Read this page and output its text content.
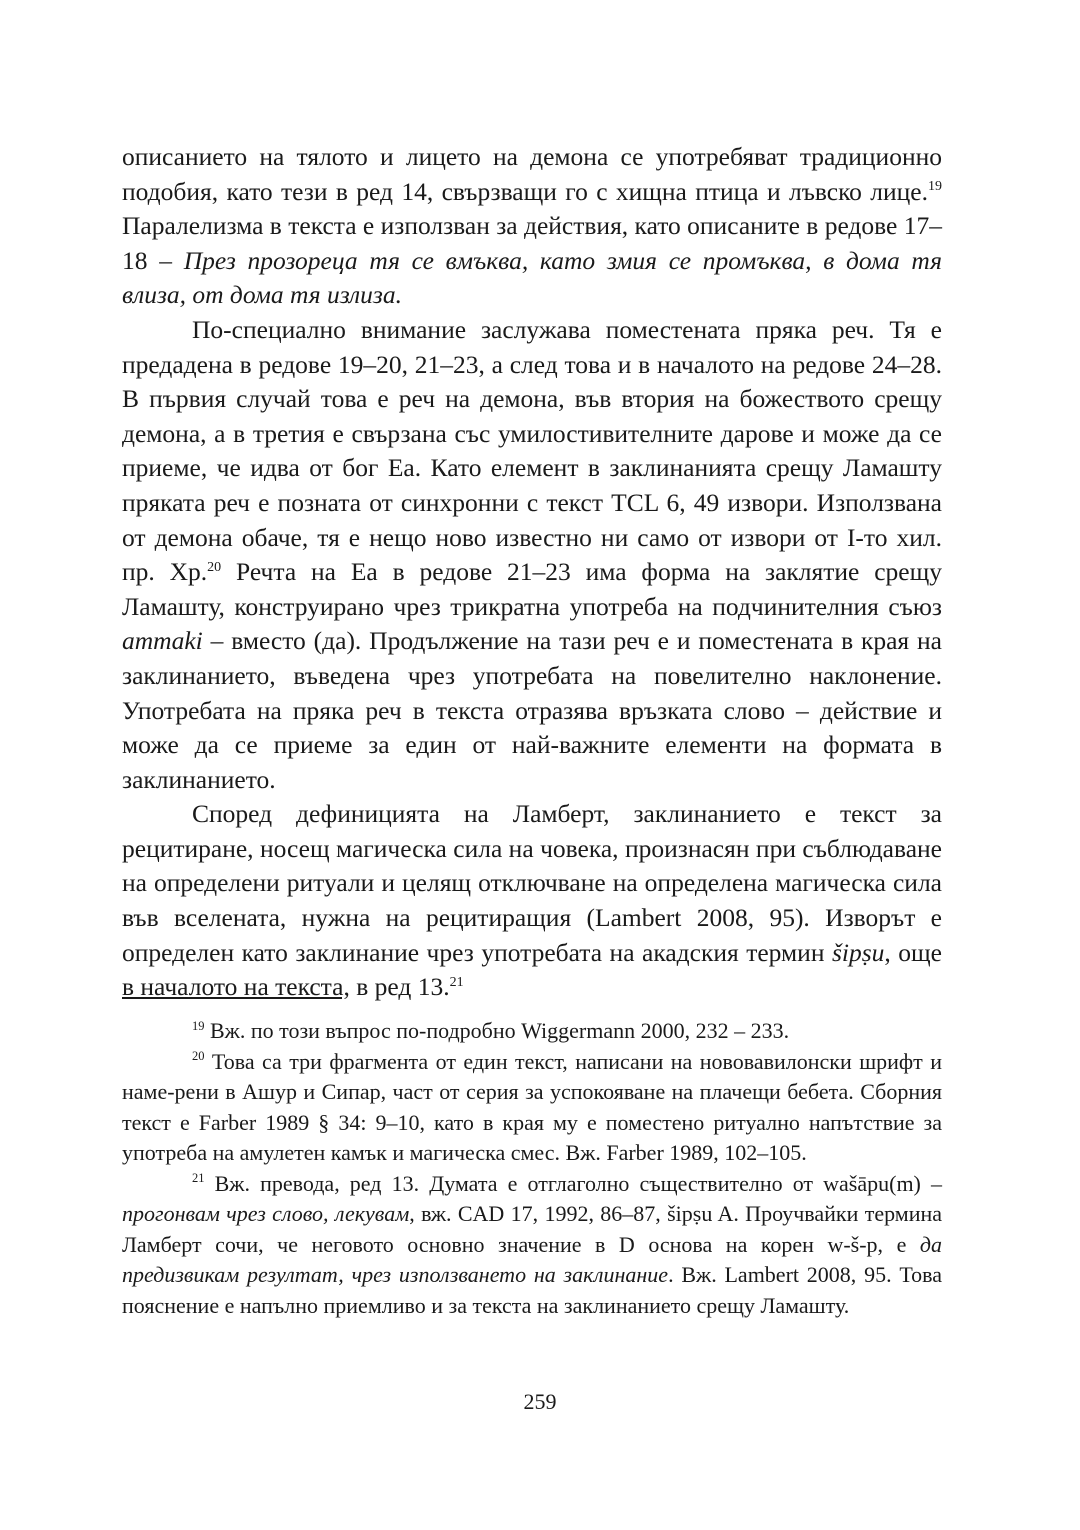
описанието на тялото и лицето на демона се употребяват традиционно подобия, като тези в ред 14, свързващи го с хищна птица и лъвско лице.$^{19}$ Паралелизма в текста е използван за действия, като описаните в редове 17–18 – През прозореца тя се вмъква, като змия се промъква, в дома тя влиза, от дома тя излиза.

По-специално внимание заслужава поместената пряка реч. Тя е предадена в редове 19–20, 21–23, а след това и в началото на редове 24–28. В първия случай това е реч на демона, във втория на божеството срещу демона, а в третия е свързана със умилостивителните дарове и може да се приеме, че идва от бог Еа. Като елемент в заклинанията срещу Ламашту пряката реч е позната от синхронни с текст TCL 6, 49 извори. Използвана от демона обаче, тя е нещо ново известно ни само от извори от I-то хил. пр. Хр.$^{20}$ Речта на Еа в редове 21–23 има форма на заклятие срещу Ламашту, конструирано чрез трикратна употреба на подчинителния съюз ammaki – вместо (да). Продължение на тази реч е и поместената в края на заклинанието, въведена чрез употребата на повелително наклонение. Употребата на пряка реч в текста отразява връзката слово – действие и може да се приеме за един от най-важните елементи на формата в заклинанието.

Според дефиницията на Ламберт, заклинанието е текст за рецитиране, носещ магическа сила на човека, произнасян при съблюдаване на определени ритуали и целящ отключване на определена магическа сила във вселената, нужна на рецитиращия (Lambert 2008, 95). Изворът е определен като заклинание чрез употребата на акадския термин šipṣu, още в началото на текста, в ред 13.21

$^{19}$ Вж. по този въпрос по-подробно Wiggermann 2000, 232 – 233.

$^{20}$ Това са три фрагмента от един текст, написани на нововавилонски шрифт и наме-рени в Ашур и Сипар, част от серия за успокояване на плачещи бебета. Сборния текст е Farber 1989 § 34: 9–10, като в края му е поместено ритуално напътствие за употреба на амулетен камък и магическа смес. Вж. Farber 1989, 102–105.

$^{21}$ Вж. превода, ред 13. Думата е отглаголно съществително от wašāpu(m) – прогонвам чрез слово, лекувам, вж. CAD 17, 1992, 86–87, šipṣu A. Проучвайки термина Ламберт сочи, че неговото основно значение в D основа на корен w-š-p, е да предизвикам резултат, чрез използването на заклинание. Вж. Lambert 2008, 95. Това пояснение е напълно приемливо и за текста на заклинанието срещу Ламашту.

259
